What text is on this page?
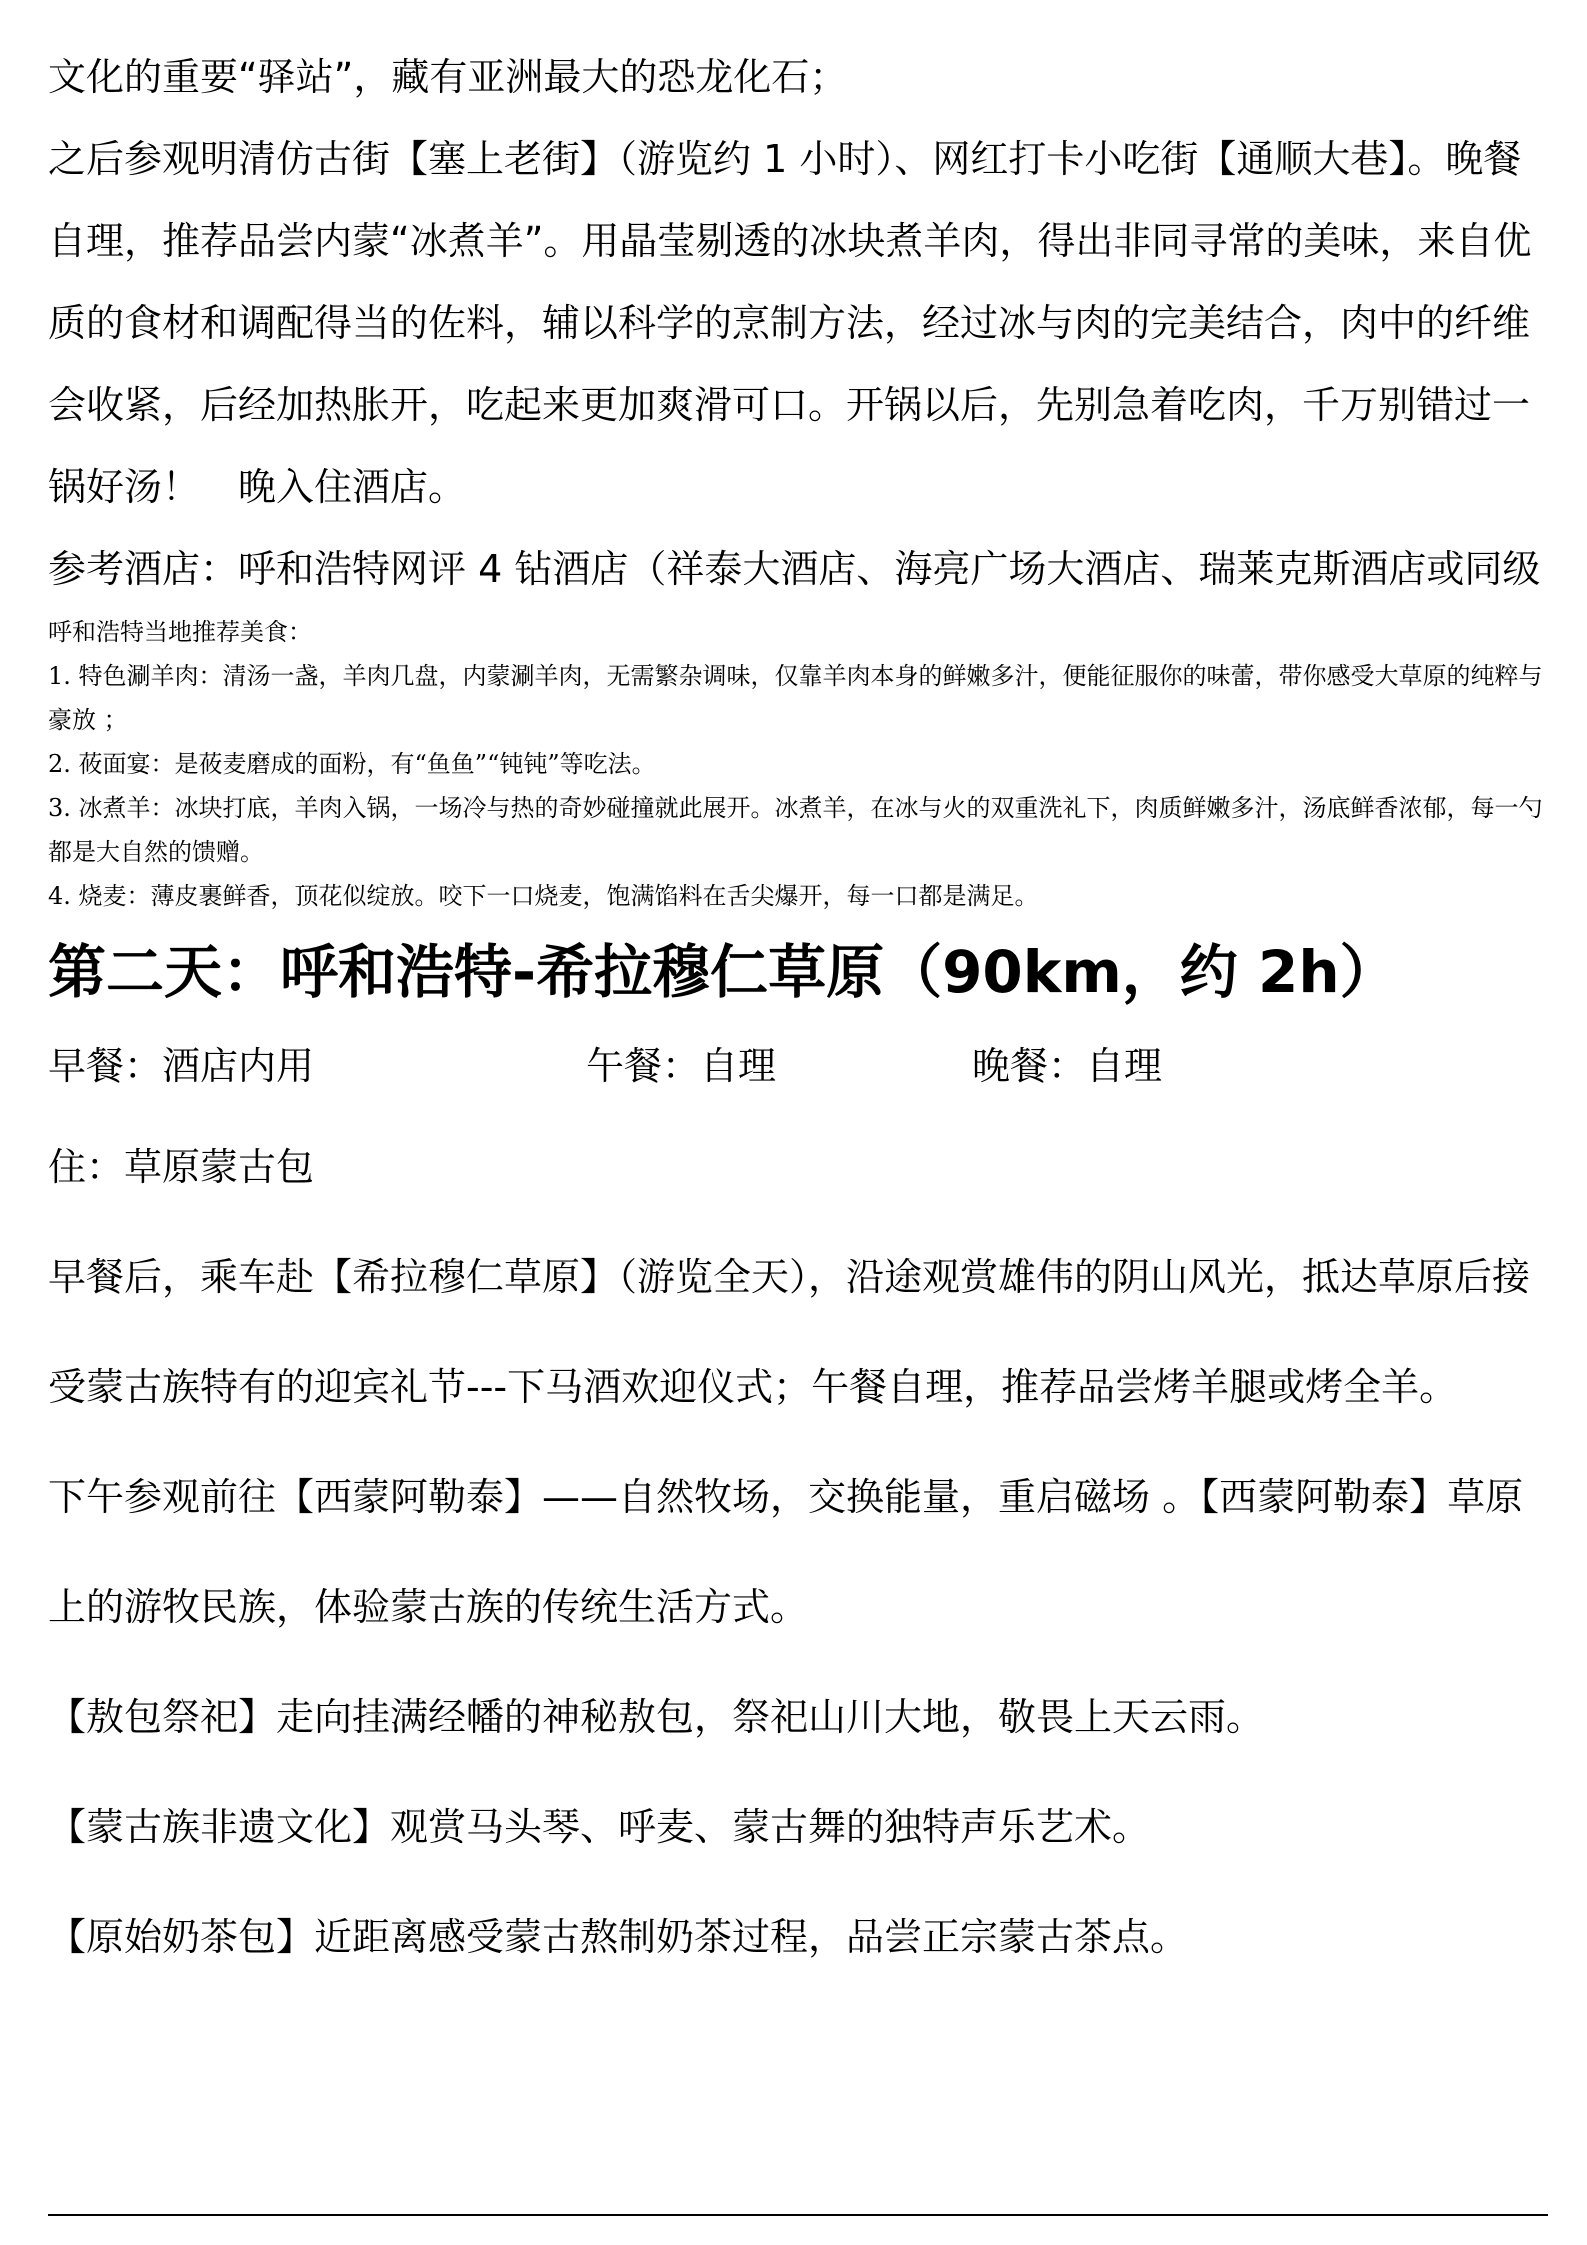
文化的重要“驿站”，藏有亚洲最大的恐龙化石；

之后参观明清仿古街【塞上老街】（游览约 1 小时）、网红打卡小吃街【通顺大巷】。晚餐自理，推荐品尝内蒙“冰煮羊”。用晶莹剔透的冰块煮羊肉，得出非同寻常的美味，来自优质的食材和调配得当的佐料，辅以科学的烹制方法，经过冰与肉的完美结合，肉中的纤维会收紧，后经加热胀开，吃起来更加爽滑可口。开锅以后，先别急着吃肉，千万别错过一锅好汤！　晚入住酒店。

参考酒店：呼和浩特网评 4 钻酒店（祥泰大酒店、海亮广场大酒店、瑞莱克斯酒店或同级

呼和浩特当地推荐美食：

1. 特色涮羊肉：清汤一盏，羊肉几盘，内蒙涮羊肉，无需繁杂调味，仅靠羊肉本身的鲜嫩多汁，便能征服你的味蕾，带你感受大草原的纯粹与豪放 ；

2. 莜面宴：是莜麦磨成的面粉，有“鱼鱼”“钝钝”等吃法。

3. 冰煮羊：冰块打底，羊肉入锅，一场冷与热的奇妙碰撞就此展开。冰煮羊，在冰与火的双重洗礼下，肉质鲜嫩多汁，汤底鲜香浓郁，每一勺都是大自然的馈赠。

4. 烧麦：薄皮裹鲜香，顶花似绽放。咬下一口烧麦，饱满馅料在舌尖爆开，每一口都是满足。

第二天：呼和浩特-希拉穆仁草原（90km，约 2h）
早餐：酒店内用	午餐：自理	晚餐：自理

住：草原蒙古包

早餐后，乘车赴【希拉穆仁草原】（游览全天），沿途观赏雄伟的阴山风光，抵达草原后接受蒙古族特有的迎宾礼节---下马酒欢迎仪式；午餐自理，推荐品尝烤羊腿或烤全羊。

下午参观前往【西蒙阿勒泰】——自然牧场，交换能量，重启磁场 。【西蒙阿勒泰】草原上的游牧民族，体验蒙古族的传统生活方式。

【敖包祭祀】走向挂满经幡的神秘敖包，祭祀山川大地，敬畏上天云雨。

【蒙古族非遗文化】观赏马头琴、呼麦、蒙古舞的独特声乐艺术。

【原始奶茶包】近距离感受蒙古熬制奶茶过程，品尝正宗蒙古茶点。
